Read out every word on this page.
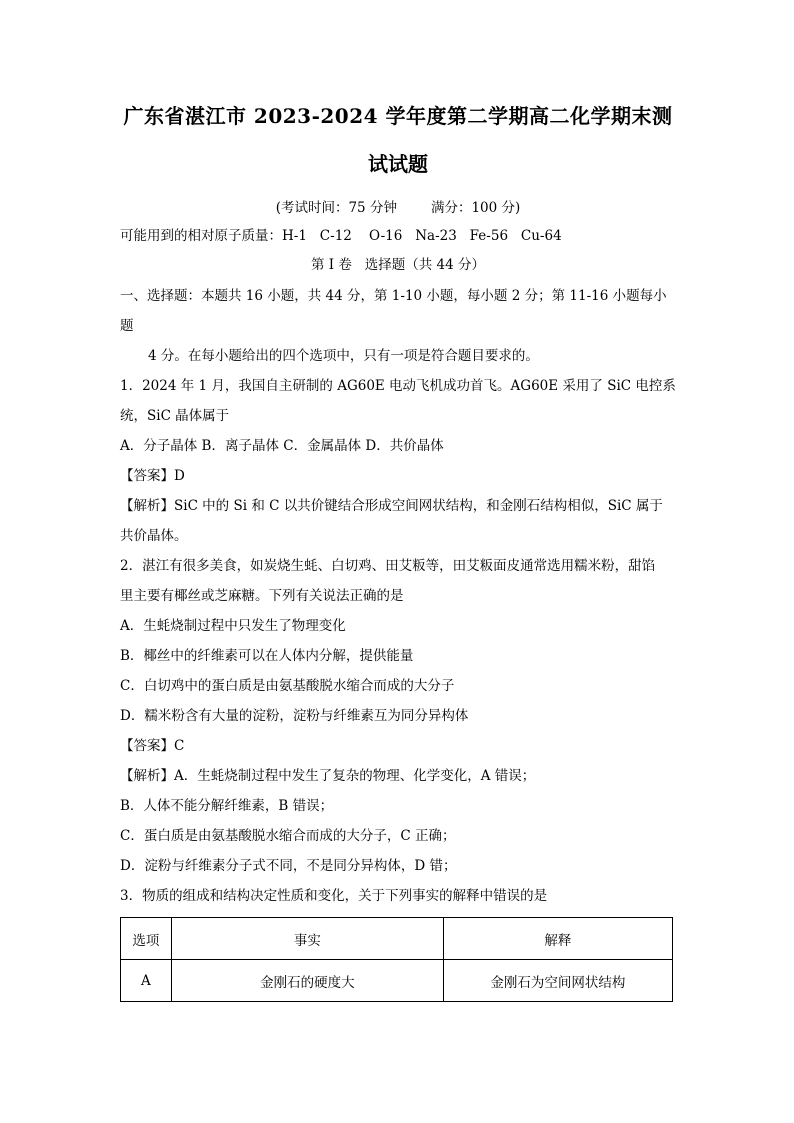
广东省湛江市 2023-2024 学年度第二学期高二化学期末测
试试题
(考试时间：75 分钟	满分：100 分)
可能用到的相对原子质量：H-1   C-12    O-16   Na-23   Fe-56   Cu-64
第 I 卷   选择题（共 44 分）
一、选择题：本题共 16 小题，共 44 分，第 1-10 小题，每小题 2 分；第 11-16 小题每小题
4 分。在每小题给出的四个选项中，只有一项是符合题目要求的。

1．2024 年 1 月，我国自主研制的 AG60E 电动飞机成功首飞。AG60E 采用了 SiC 电控系

统，SiC 晶体属于

A．分子晶体 B．离子晶体 C．金属晶体 D．共价晶体

【答案】D

【解析】SiC 中的 Si 和 C 以共价键结合形成空间网状结构，和金刚石结构相似，SiC 属于

共价晶体。

2．湛江有很多美食，如炭烧生蚝、白切鸡、田艾粄等，田艾粄面皮通常选用糯米粉，甜馅

里主要有椰丝或芝麻糖。下列有关说法正确的是

A．生蚝烧制过程中只发生了物理变化

B．椰丝中的纤维素可以在人体内分解，提供能量

C．白切鸡中的蛋白质是由氨基酸脱水缩合而成的大分子

D．糯米粉含有大量的淀粉，淀粉与纤维素互为同分异构体

【答案】C

【解析】A．生蚝烧制过程中发生了复杂的物理、化学变化，A 错误；

B．人体不能分解纤维素，B 错误；

C．蛋白质是由氨基酸脱水缩合而成的大分子，C 正确；

D．淀粉与纤维素分子式不同，不是同分异构体，D 错；

3．物质的组成和结构决定性质和变化，关于下列事实的解释中错误的是

选项	事实	解释
A	金刚石的硬度大	金刚石为空间网状结构
